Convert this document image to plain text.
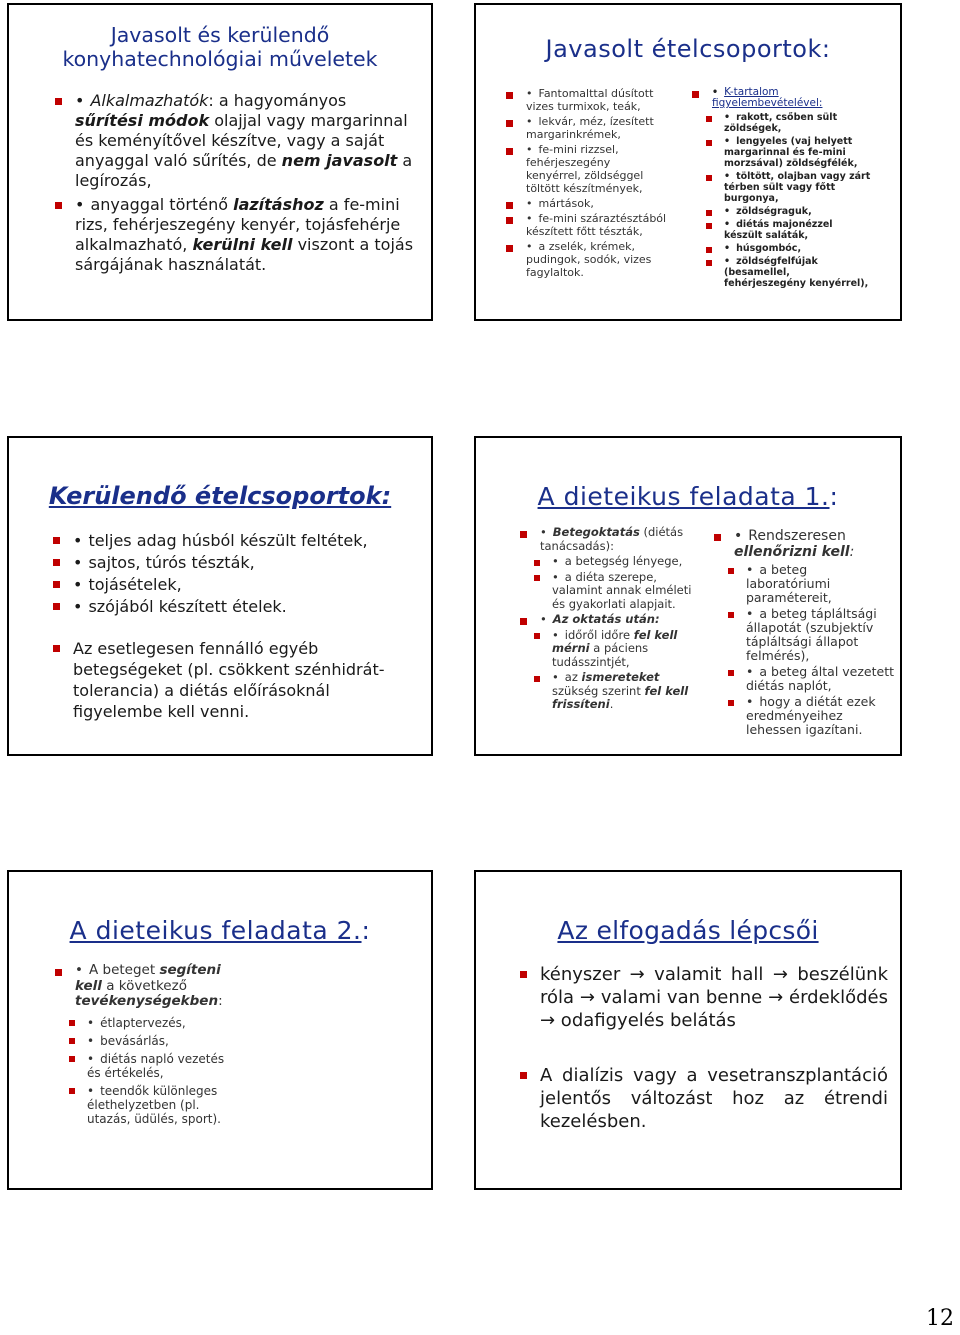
Javasolt és kerülendő
konyhatechnológiai műveletek
• Alkalmazhatók: a hagyományos sűrítési módok olajjal vagy margarinnal és keményítővel készítve, vagy a saját anyaggal való sűrítés, de nem javasolt a legírozás,
• anyaggal történő lazításhoz a fe-mini rizs, fehérjeszegény kenyér, tojásfehérje alkalmazható, kerülni kell viszont a tojás sárgájának használatát.
Javasolt ételcsoportok:
• Fantomalttal dúsított vizes turmixok, teák,
• lekvár, méz, ízesített margarinkrémek,
• fe-mini rizzsel, fehérjeszegény kenyérrel, zöldséggel töltött készítmények,
• mártások,
• fe-mini száraztésztából készített főtt tészták,
• a zselék, krémek, pudingok, sodók, vizes fagylaltok.
• K-tartalom figyelembevételével:
• rakott, csőben sült zöldségek,
• lengyeles (vaj helyett margarinnal és fe-mini morzsával) zöldségfélék,
• töltött, olajban vagy zárt térben sült vagy főtt burgonya,
• zöldségraguk,
• diétás majonézzel készült saláták,
• húsgombóc,
• zöldségfelfújak (besamellel, fehérjeszegény kenyérrel),
Kerülendő ételcsoportok:
• teljes adag húsból készült feltétek,
• sajtos, túrós tészták,
• tojásételek,
• szójából készített ételek.
Az esetlegesen fennálló egyéb betegségeket (pl. csökkent szénhidrát-tolerancia) a diétás előírásoknál figyelembe kell venni.
A dieteikus feladata 1.:
• Betegoktatás (diétás tanácsadás):
• a betegség lényege,
• a diéta szerepe, valamint annak elméleti és gyakorlati alapjait.
• Az oktatás után:
• időről időre fel kell mérni a páciens tudásszintjét,
• az ismereteket szükség szerint fel kell frissíteni.
• Rendszeresen
ellenőrizni kell:
• a beteg laboratóriumi paramétereit,
• a beteg tápláltsági állapotát (szubjektív tápláltsági állapot felmérés),
• a beteg által vezetett diétás naplót,
• hogy a diétát ezek eredményeihez lehessen igazítani.
A dieteikus feladata 2.:
• A beteget segíteni kell a következő tevékenységekben:
• étlaptervezés,
• bevásárlás,
• diétás napló vezetés és értékelés,
• teendők különleges élethelyzetben (pl. utazás, üdülés, sport).
Az elfogadás lépcsői
kényszer → valamit hall → beszélünk róla → valami van benne → érdeklődés → odafigyelés belátás
A dialízis vagy a vesetranszplantáció jelentős változást hoz az étrendi kezelésben.
12
